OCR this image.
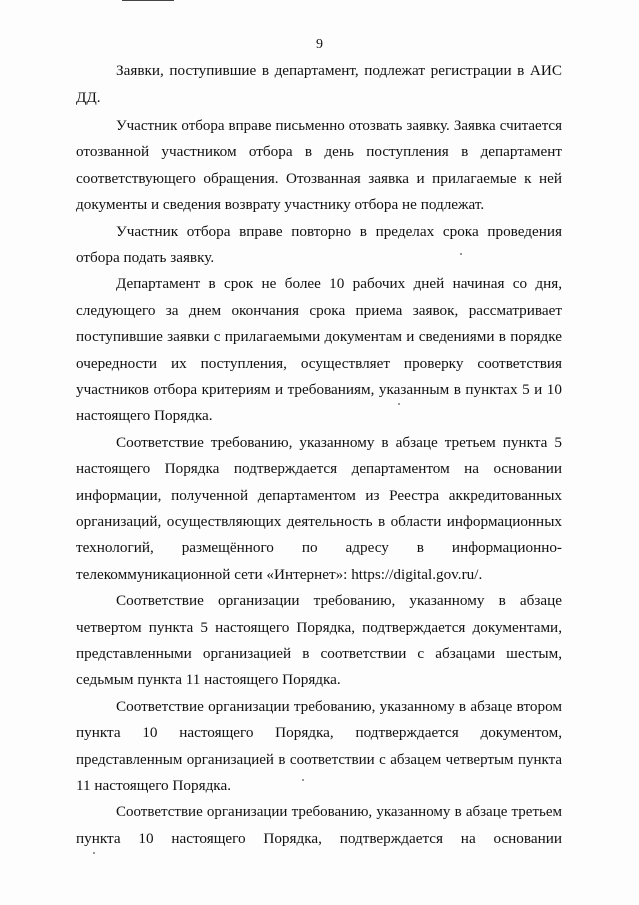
9
Заявки, поступившие в департамент, подлежат регистрации в АИС
ДД.
Участник отбора вправе письменно отозвать заявку. Заявка считается
отозванной участником отбора в день поступления в департамент
соответствующего обращения. Отозванная заявка и прилагаемые к ней
документы и сведения возврату участнику отбора не подлежат.
Участник отбора вправе повторно в пределах срока проведения
отбора подать заявку.
Департамент в срок не более 10 рабочих дней начиная со дня,
следующего за днем окончания срока приема заявок, рассматривает
поступившие заявки с прилагаемыми документам и сведениями в порядке
очередности их поступления, осуществляет проверку соответствия
участников отбора критериям и требованиям, указанным в пунктах 5 и 10
настоящего Порядка.
Соответствие требованию, указанному в абзаце третьем пункта 5
настоящего Порядка подтверждается департаментом на основании
информации, полученной департаментом из Реестра аккредитованных
организаций, осуществляющих деятельность в области информационных
технологий, размещённого по адресу в информационно-
телекоммуникационной сети «Интернет»: https://digital.gov.ru/.
Соответствие организации требованию, указанному в абзаце
четвертом пункта 5 настоящего Порядка, подтверждается документами,
представленными организацией в соответствии с абзацами шестым,
седьмым пункта 11 настоящего Порядка.
Соответствие организации требованию, указанному в абзаце втором
пункта 10 настоящего Порядка, подтверждается документом,
представленным организацией в соответствии с абзацем четвертым пункта
11 настоящего Порядка.
Соответствие организации требованию, указанному в абзаце третьем
пункта 10 настоящего Порядка, подтверждается на основании
